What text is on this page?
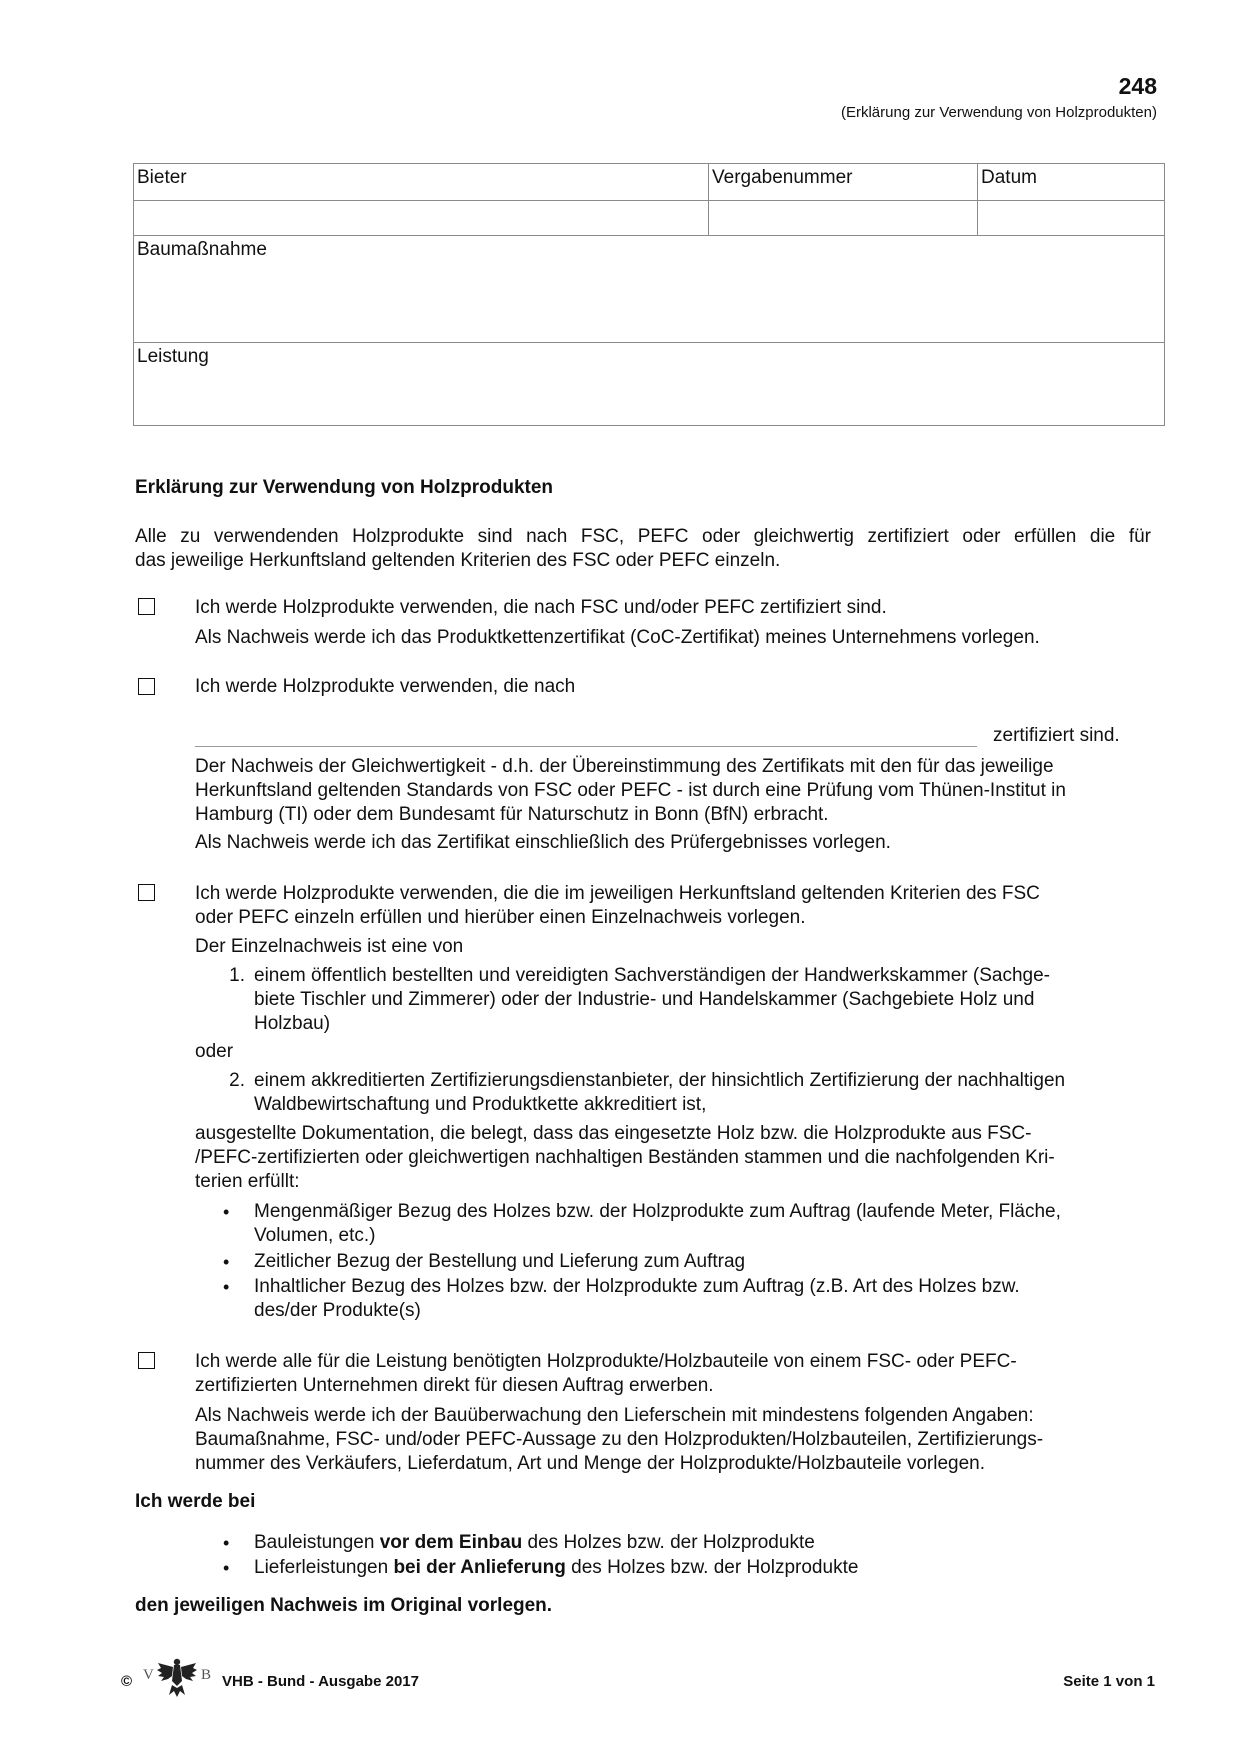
248
(Erklärung zur Verwendung von Holzprodukten)
Bieter	Vergabenummer	Datum

Baumaßnahme		
Leistung		
Erklärung zur Verwendung von Holzprodukten
Alle zu verwendenden Holzprodukte sind nach FSC, PEFC oder gleichwertig zertifiziert oder erfüllen die für
das jeweilige Herkunftsland geltenden Kriterien des FSC oder PEFC einzeln.
Ich werde Holzprodukte verwenden, die nach FSC und/oder PEFC zertifiziert sind.
Als Nachweis werde ich das Produktkettenzertifikat (CoC-Zertifikat) meines Unternehmens vorlegen.
Ich werde Holzprodukte verwenden, die nach
zertifiziert sind.
Der Nachweis der Gleichwertigkeit - d.h. der Übereinstimmung des Zertifikats mit den für das jeweilige
Herkunftsland geltenden Standards von FSC oder PEFC - ist durch eine Prüfung vom Thünen-Institut in
Hamburg (TI) oder dem Bundesamt für Naturschutz in Bonn (BfN) erbracht.
Als Nachweis werde ich das Zertifikat einschließlich des Prüfergebnisses vorlegen.
Ich werde Holzprodukte verwenden, die die im jeweiligen Herkunftsland geltenden Kriterien des FSC
oder PEFC einzeln erfüllen und hierüber einen Einzelnachweis vorlegen.
Der Einzelnachweis ist eine von
1. einem öffentlich bestellten und vereidigten Sachverständigen der Handwerkskammer (Sachge-
biete Tischler und Zimmerer) oder der Industrie- und Handelskammer (Sachgebiete Holz und
Holzbau)
oder
2. einem akkreditierten Zertifizierungsdienstanbieter, der hinsichtlich Zertifizierung der nachhaltigen
Waldbewirtschaftung und Produktkette akkreditiert ist,
ausgestellte Dokumentation, die belegt, dass das eingesetzte Holz bzw. die Holzprodukte aus FSC-
/PEFC-zertifizierten oder gleichwertigen nachhaltigen Beständen stammen und die nachfolgenden Kri-
terien erfüllt:
• Mengenmäßiger Bezug des Holzes bzw. der Holzprodukte zum Auftrag (laufende Meter, Fläche,
Volumen, etc.)
• Zeitlicher Bezug der Bestellung und Lieferung zum Auftrag
• Inhaltlicher Bezug des Holzes bzw. der Holzprodukte zum Auftrag (z.B. Art des Holzes bzw.
des/der Produkte(s)
Ich werde alle für die Leistung benötigten Holzprodukte/Holzbauteile von einem FSC- oder PEFC-
zertifizierten Unternehmen direkt für diesen Auftrag erwerben.
Als Nachweis werde ich der Bauüberwachung den Lieferschein mit mindestens folgenden Angaben:
Baumaßnahme, FSC- und/oder PEFC-Aussage zu den Holzprodukten/Holzbauteilen, Zertifizierungs-
nummer des Verkäufers, Lieferdatum, Art und Menge der Holzprodukte/Holzbauteile vorlegen.
Ich werde bei
• Bauleistungen vor dem Einbau des Holzes bzw. der Holzprodukte
• Lieferleistungen bei der Anlieferung des Holzes bzw. der Holzprodukte
den jeweiligen Nachweis im Original vorlegen.
© V	B VHB - Bund - Ausgabe 2017	Seite 1 von 1
